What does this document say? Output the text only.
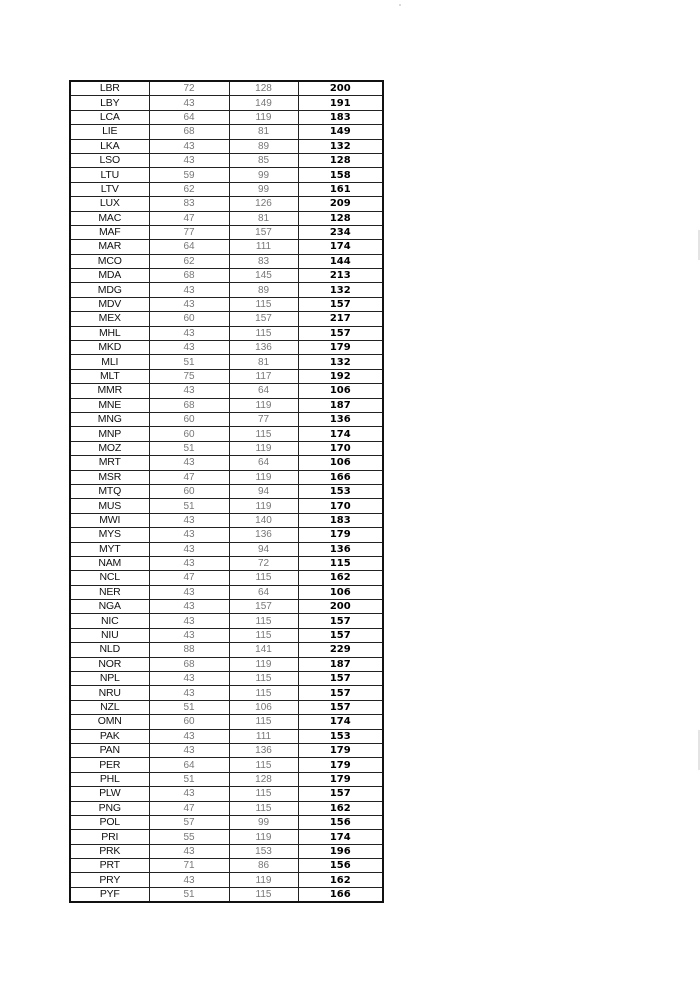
LBR	72	128	200
LBY	43	149	191
LCA	64	119	183
LIE	68	81	149
LKA	43	89	132
LSO	43	85	128
LTU	59	99	158
LTV	62	99	161
LUX	83	126	209
MAC	47	81	128
MAF	77	157	234
MAR	64	111	174
MCO	62	83	144
MDA	68	145	213
MDG	43	89	132
MDV	43	115	157
MEX	60	157	217
MHL	43	115	157
MKD	43	136	179
MLI	51	81	132
MLT	75	117	192
MMR	43	64	106
MNE	68	119	187
MNG	60	77	136
MNP	60	115	174
MOZ	51	119	170
MRT	43	64	106
MSR	47	119	166
MTQ	60	94	153
MUS	51	119	170
MWI	43	140	183
MYS	43	136	179
MYT	43	94	136
NAM	43	72	115
NCL	47	115	162
NER	43	64	106
NGA	43	157	200
NIC	43	115	157
NIU	43	115	157
NLD	88	141	229
NOR	68	119	187
NPL	43	115	157
NRU	43	115	157
NZL	51	106	157
OMN	60	115	174
PAK	43	111	153
PAN	43	136	179
PER	64	115	179
PHL	51	128	179
PLW	43	115	157
PNG	47	115	162
POL	57	99	156
PRI	55	119	174
PRK	43	153	196
PRT	71	86	156
PRY	43	119	162
PYF	51	115	166
